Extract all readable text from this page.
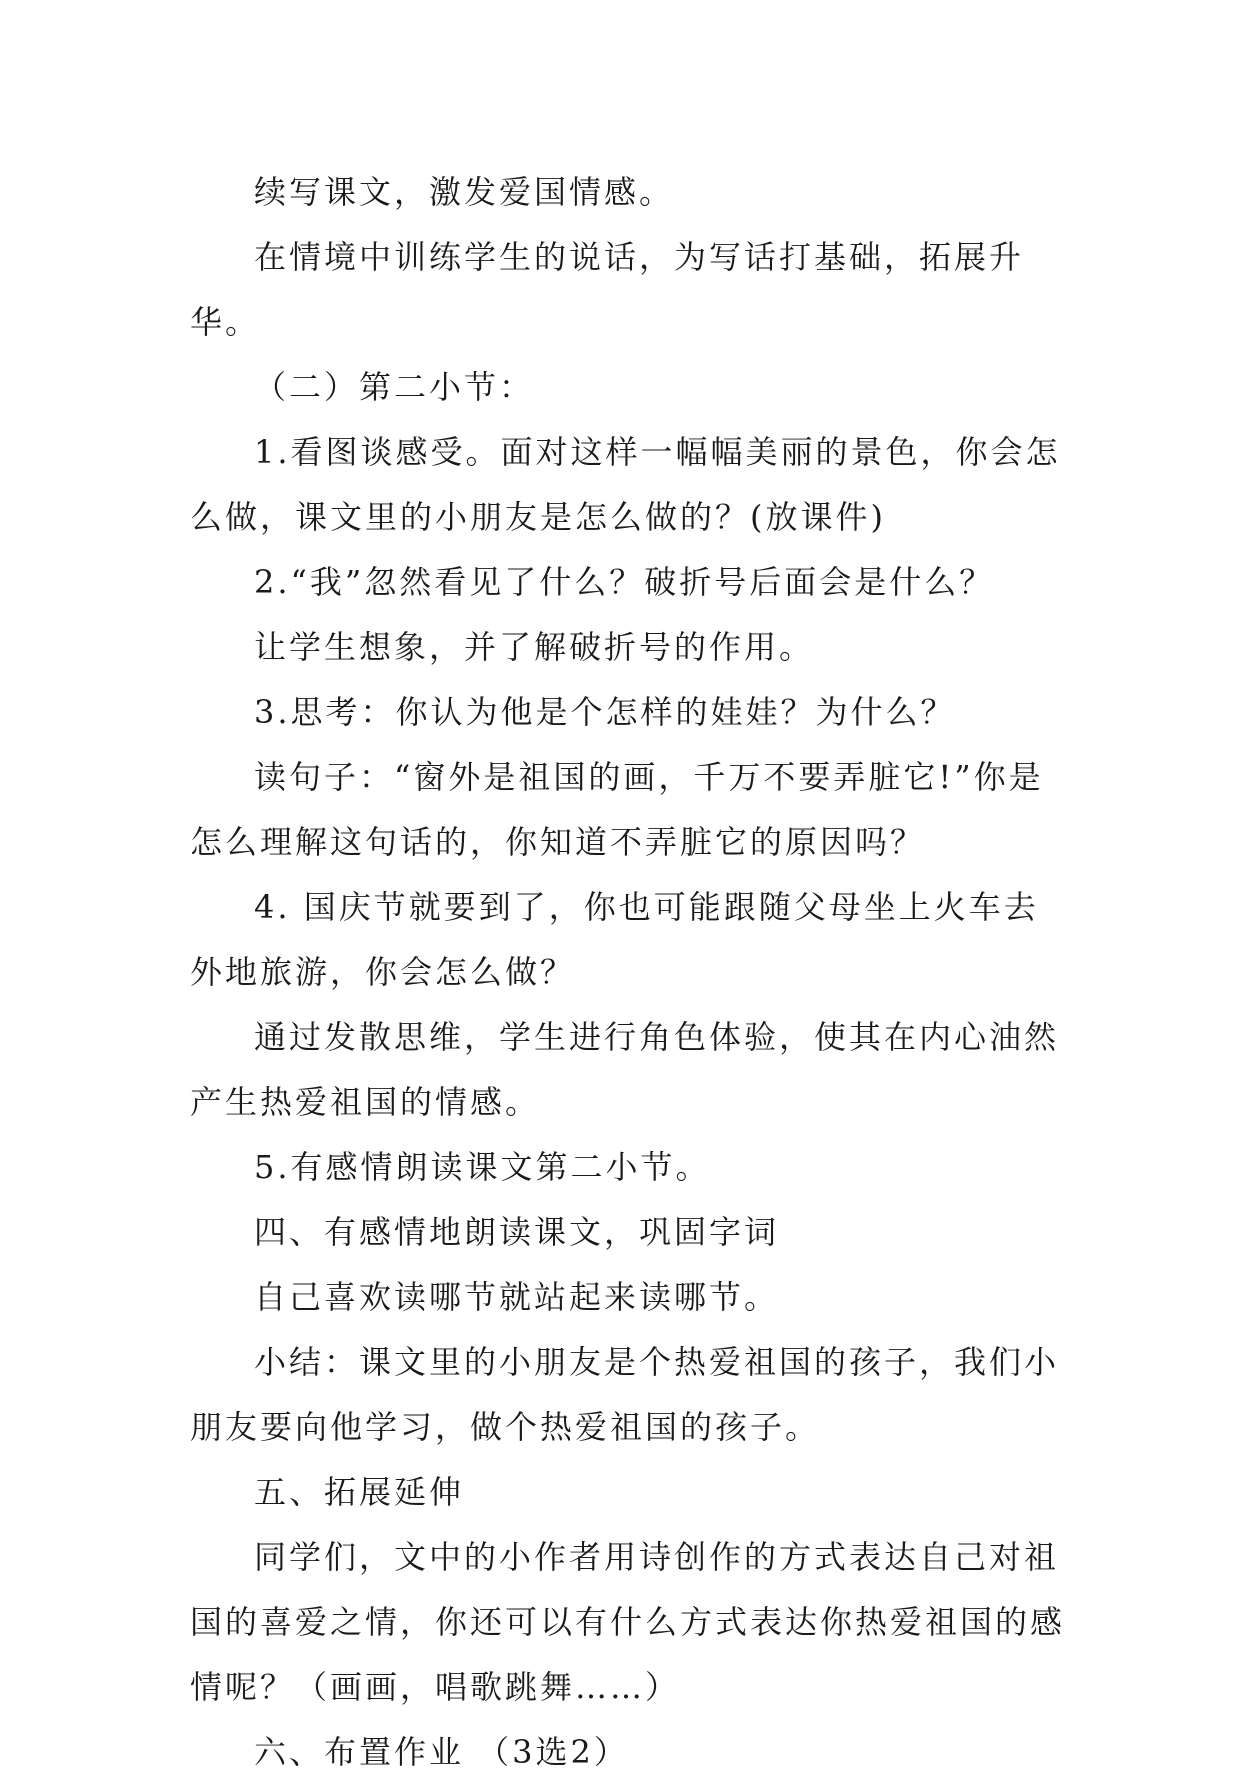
续写课文，激发爱国情感。

在情境中训练学生的说话，为写话打基础，拓展升华。

（二）第二小节：

1.看图谈感受。面对这样一幅幅美丽的景色，你会怎么做，课文里的小朋友是怎么做的？(放课件)

2.“我”忽然看见了什么？破折号后面会是什么？

让学生想象，并了解破折号的作用。

3.思考：你认为他是个怎样的娃娃？为什么？

读句子：“窗外是祖国的画，千万不要弄脏它!”你是怎么理解这句话的，你知道不弄脏它的原因吗？

4. 国庆节就要到了，你也可能跟随父母坐上火车去外地旅游，你会怎么做？

通过发散思维，学生进行角色体验，使其在内心油然产生热爱祖国的情感。

5.有感情朗读课文第二小节。

四、有感情地朗读课文，巩固字词

自己喜欢读哪节就站起来读哪节。

小结：课文里的小朋友是个热爱祖国的孩子，我们小朋友要向他学习，做个热爱祖国的孩子。

五、拓展延伸

同学们，文中的小作者用诗创作的方式表达自己对祖国的喜爱之情，你还可以有什么方式表达你热爱祖国的感情呢？（画画，唱歌跳舞……）

六、布置作业 （3选2）
